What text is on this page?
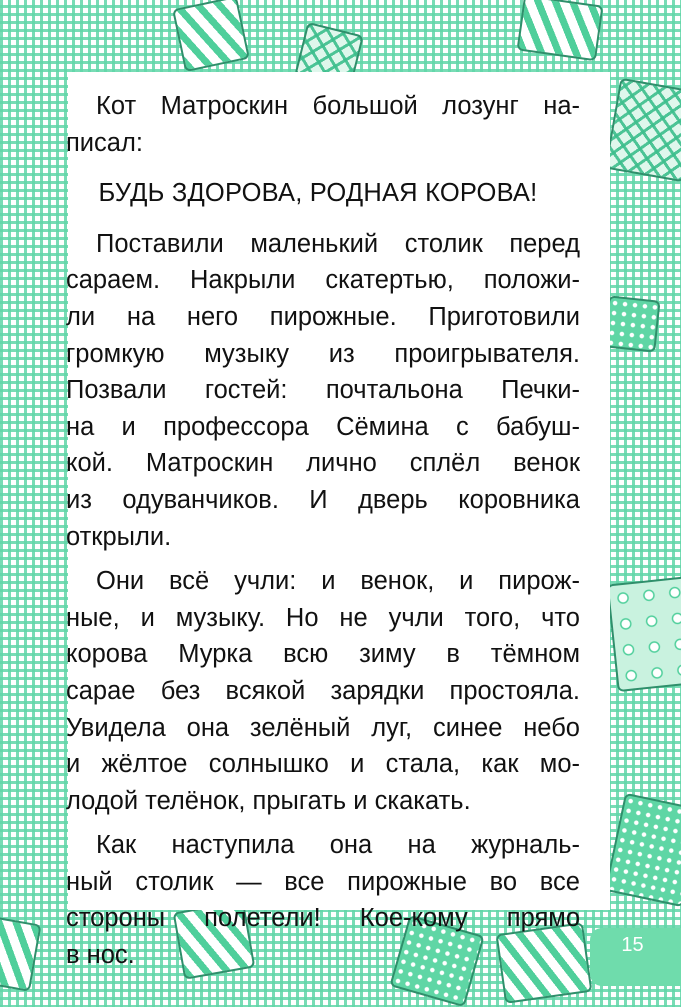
Кот Матроскин большой лозунг на-
писал:

БУДЬ ЗДОРОВА, РОДНАЯ КОРОВА!

Поставили маленький столик перед
сараем. Накрыли скатертью, положи-
ли на него пирожные. Приготовили
громкую музыку из проигрывателя.
Позвали гостей: почтальона Печки-
на и профессора Сёмина с бабуш-
кой. Матроскин лично сплёл венок
из одуванчиков. И дверь коровника
открыли.

Они всё учли: и венок, и пирож-
ные, и музыку. Но не учли того, что
корова Мурка всю зиму в тёмном
сарае без всякой зарядки простояла.
Увидела она зелёный луг, синее небо
и жёлтое солнышко и стала, как мо-
лодой телёнок, прыгать и скакать.

Как наступила она на журналь-
ный столик — все пирожные во все
стороны полетели! Кое-кому прямо
в нос.	15
